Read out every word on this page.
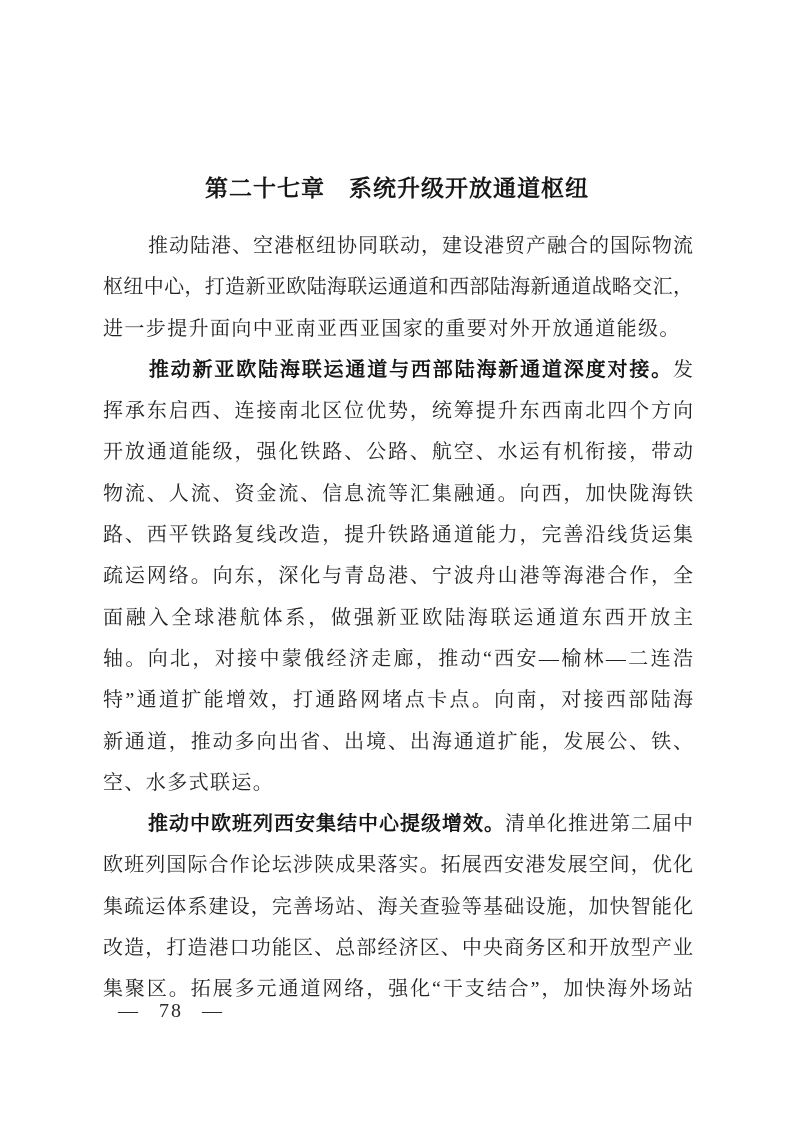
第二十七章　系统升级开放通道枢纽
推动陆港、空港枢纽协同联动，建设港贸产融合的国际物流
枢纽中心，打造新亚欧陆海联运通道和西部陆海新通道战略交汇，
进一步提升面向中亚南亚西亚国家的重要对外开放通道能级。
推动新亚欧陆海联运通道与西部陆海新通道深度对接。发
挥承东启西、连接南北区位优势，统筹提升东西南北四个方向
开放通道能级，强化铁路、公路、航空、水运有机衔接，带动
物流、人流、资金流、信息流等汇集融通。向西，加快陇海铁
路、西平铁路复线改造，提升铁路通道能力，完善沿线货运集
疏运网络。向东，深化与青岛港、宁波舟山港等海港合作，全
面融入全球港航体系，做强新亚欧陆海联运通道东西开放主
轴。向北，对接中蒙俄经济走廊，推动“西安—榆林—二连浩
特”通道扩能增效，打通路网堵点卡点。向南，对接西部陆海
新通道，推动多向出省、出境、出海通道扩能，发展公、铁、
空、水多式联运。
推动中欧班列西安集结中心提级增效。清单化推进第二届中
欧班列国际合作论坛涉陕成果落实。拓展西安港发展空间，优化
集疏运体系建设，完善场站、海关查验等基础设施，加快智能化
改造，打造港口功能区、总部经济区、中央商务区和开放型产业
集聚区。拓展多元通道网络，强化“干支结合”，加快海外场站
— 78 —
